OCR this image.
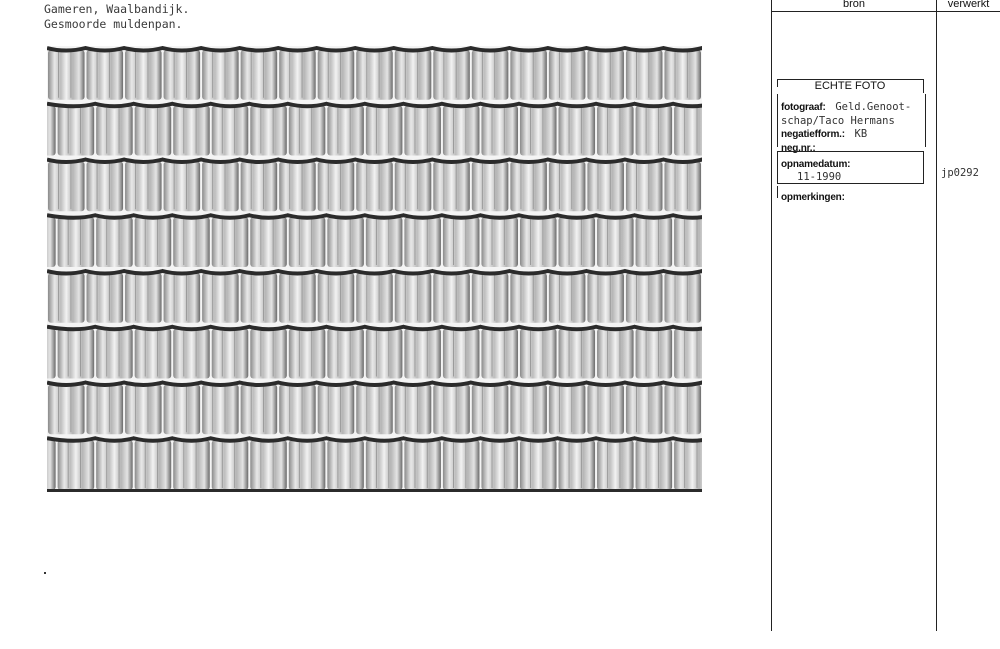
Gameren, Waalbandijk.
Gesmoorde muldenpan.
bron	verwerkt
ECHTE FOTO
fotograaf: Geld.Genoot-
schap/Taco Hermans
negatiefform.: KB
neg.nr.:
opnamedatum:
11-1990
opmerkingen:
jp0292
